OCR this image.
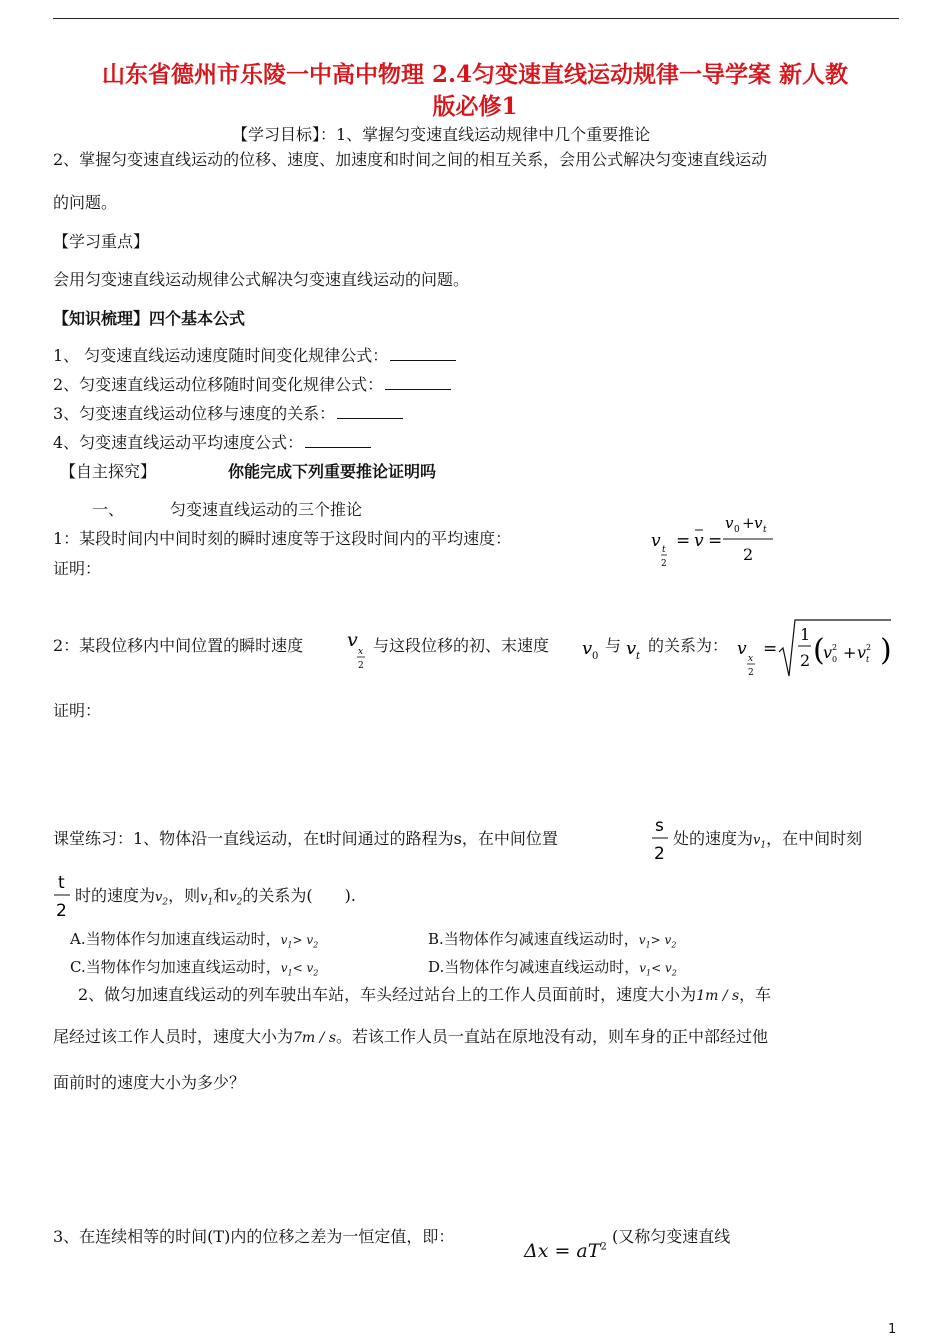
山东省德州市乐陵一中高中物理 2.4匀变速直线运动规律一导学案 新人教
版必修1
【学习目标】：1、掌握匀变速直线运动规律中几个重要推论
2、掌握匀变速直线运动的位移、速度、加速度和时间之间的相互关系，会用公式解决匀变速直线运动
的问题。
【学习重点】
会用匀变速直线运动规律公式解决匀变速直线运动的问题。
【知识梳理】四个基本公式
1、 匀变速直线运动速度随时间变化规律公式：
2、匀变速直线运动位移随时间变化规律公式：
3、匀变速直线运动位移与速度的关系：
4、匀变速直线运动平均速度公式：
【自主探究】	你能完成下列重要推论证明吗
一、	匀变速直线运动的三个推论
1：某段时间内中间时刻的瞬时速度等于这段时间内的平均速度：	v t
2
= v =
v 0 + v t
2
证明：
2：某段位移内中间位置的瞬时速度 v
x
2
与这段位移的初、末速度 v 0
与 v t
的关系为： v x
2
=
1
2 (
v 2
0 + v 2
t )
证明：
课堂练习：1、物体沿一直线运动，在t时间通过的路程为s，在中间位置
s
2
处的速度为$v_1$，在中间时刻
t
2
时的速度为$v_2$，则$v_1$和$v_2$的关系为(　　).
A.当物体作匀加速直线运动时，$v_1> v_2$	B.当物体作匀减速直线运动时，$v_1> v_2$
C.当物体作匀加速直线运动时，$v_1< v_2$	D.当物体作匀减速直线运动时，$v_1< v_2$
2、做匀加速直线运动的列车驶出车站，车头经过站台上的工作人员面前时，速度大小为1m / s，车
尾经过该工作人员时，速度大小为7m / s。若该工作人员一直站在原地没有动，则车身的正中部经过他
面前时的速度大小为多少？
3、在连续相等的时间(T)内的位移之差为一恒定值，即：
$\Delta x = aT^2$
(又称匀变速直线
1
